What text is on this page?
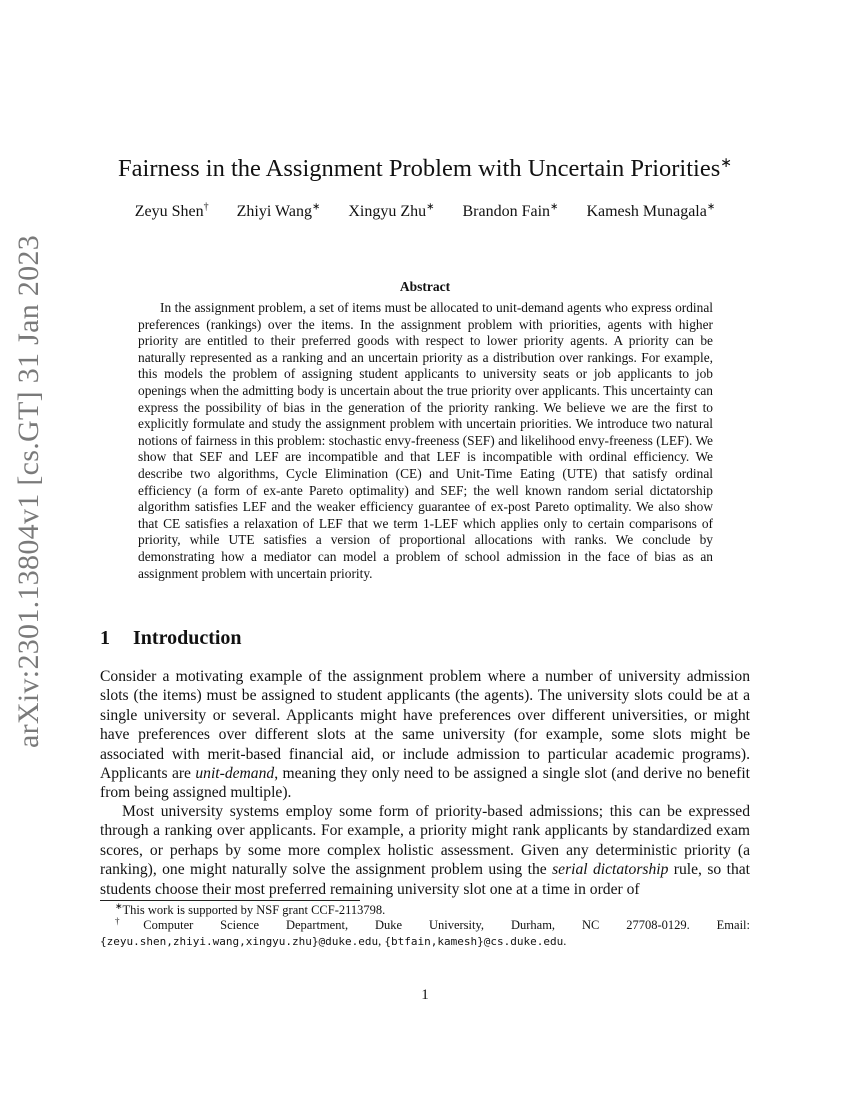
arXiv:2301.13804v1 [cs.GT] 31 Jan 2023
Fairness in the Assignment Problem with Uncertain Priorities∗
Zeyu Shen† Zhiyi Wang∗ Xingyu Zhu∗ Brandon Fain∗ Kamesh Munagala∗
Abstract
In the assignment problem, a set of items must be allocated to unit-demand agents who express ordinal preferences (rankings) over the items. In the assignment problem with priorities, agents with higher priority are entitled to their preferred goods with respect to lower priority agents. A priority can be naturally represented as a ranking and an uncertain priority as a distribution over rankings. For example, this models the problem of assigning student applicants to university seats or job applicants to job openings when the admitting body is uncertain about the true priority over applicants. This uncertainty can express the possibility of bias in the generation of the priority ranking. We believe we are the first to explicitly formulate and study the assignment problem with uncertain priorities. We introduce two natural notions of fairness in this problem: stochastic envy-freeness (SEF) and likelihood envy-freeness (LEF). We show that SEF and LEF are incompatible and that LEF is incompatible with ordinal efficiency. We describe two algorithms, Cycle Elimination (CE) and Unit-Time Eating (UTE) that satisfy ordinal efficiency (a form of ex-ante Pareto optimality) and SEF; the well known random serial dictatorship algorithm satisfies LEF and the weaker efficiency guarantee of ex-post Pareto optimality. We also show that CE satisfies a relaxation of LEF that we term 1-LEF which applies only to certain comparisons of priority, while UTE satisfies a version of proportional allocations with ranks. We conclude by demonstrating how a mediator can model a problem of school admission in the face of bias as an assignment problem with uncertain priority.
1 Introduction
Consider a motivating example of the assignment problem where a number of university admission slots (the items) must be assigned to student applicants (the agents). The university slots could be at a single university or several. Applicants might have preferences over different universities, or might have preferences over different slots at the same university (for example, some slots might be associated with merit-based financial aid, or include admission to particular academic programs). Applicants are unit-demand, meaning they only need to be assigned a single slot (and derive no benefit from being assigned multiple).
Most university systems employ some form of priority-based admissions; this can be expressed through a ranking over applicants. For example, a priority might rank applicants by standardized exam scores, or perhaps by some more complex holistic assessment. Given any deterministic priority (a ranking), one might naturally solve the assignment problem using the serial dictatorship rule, so that students choose their most preferred remaining university slot one at a time in order of
∗This work is supported by NSF grant CCF-2113798.
†Computer Science Department, Duke University, Durham, NC 27708-0129. Email: {zeyu.shen,zhiyi.wang,xingyu.zhu}@duke.edu, {btfain,kamesh}@cs.duke.edu.
1
